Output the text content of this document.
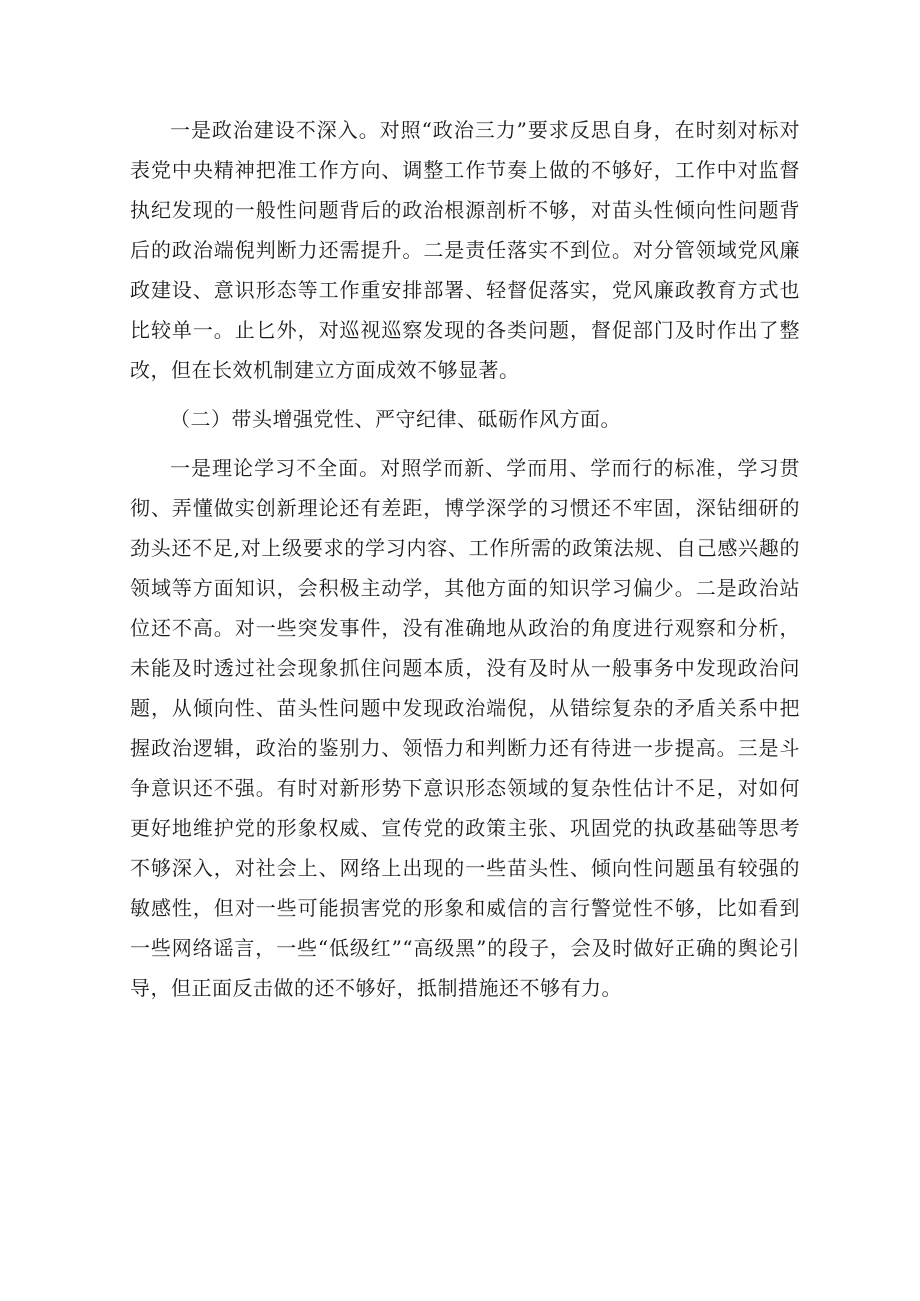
一是政治建设不深入。对照“政治三力”要求反思自身，在时刻对标对表党中央精神把准工作方向、调整工作节奏上做的不够好，工作中对监督执纪发现的一般性问题背后的政治根源剖析不够，对苗头性倾向性问题背后的政治端倪判断力还需提升。二是责任落实不到位。对分管领域党风廉政建设、意识形态等工作重安排部署、轻督促落实，党风廉政教育方式也比较单一。止匕外，对巡视巡察发现的各类问题，督促部门及时作出了整改，但在长效机制建立方面成效不够显著。

（二）带头增强党性、严守纪律、砥砺作风方面。

一是理论学习不全面。对照学而新、学而用、学而行的标准，学习贯彻、弄懂做实创新理论还有差距，博学深学的习惯还不牢固，深钻细研的劲头还不足,对上级要求的学习内容、工作所需的政策法规、自己感兴趣的领域等方面知识，会积极主动学，其他方面的知识学习偏少。二是政治站位还不高。对一些突发事件，没有准确地从政治的角度进行观察和分析，未能及时透过社会现象抓住问题本质，没有及时从一般事务中发现政治问题，从倾向性、苗头性问题中发现政治端倪，从错综复杂的矛盾关系中把握政治逻辑，政治的鉴别力、领悟力和判断力还有待进一步提高。三是斗争意识还不强。有时对新形势下意识形态领域的复杂性估计不足，对如何更好地维护党的形象权威、宣传党的政策主张、巩固党的执政基础等思考不够深入，对社会上、网络上出现的一些苗头性、倾向性问题虽有较强的敏感性，但对一些可能损害党的形象和威信的言行警觉性不够，比如看到一些网络谣言，一些“低级红”“高级黑”的段子，会及时做好正确的舆论引导，但正面反击做的还不够好，抵制措施还不够有力。
